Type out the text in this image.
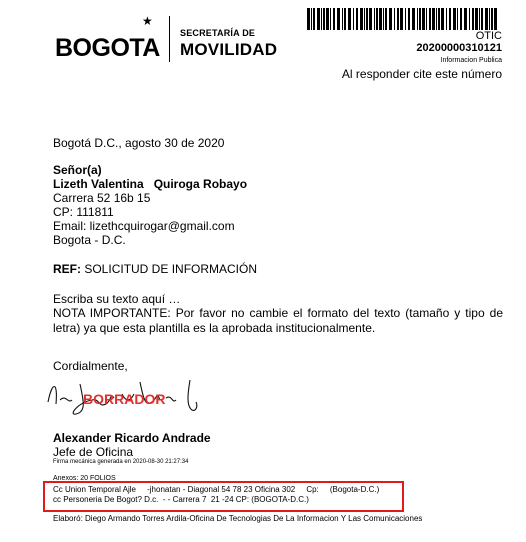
BOGOTA
★
SECRETARÍA DE
MOVILIDAD
OTIC
20200000310121
Informacion Publica
Al responder cite este número
Bogotá D.C., agosto 30 de 2020
Señor(a)
Lizeth Valentina   Quiroga Robayo
Carrera 52 16b 15
CP: 111811
Email: lizethcquirogar@gmail.com
Bogota - D.C.
REF: SOLICITUD DE INFORMACIÓN
Escriba su texto aquí …
NOTA IMPORTANTE: Por favor no cambie el formato del texto (tamaño y tipo de letra) ya que esta plantilla es la aprobada institucionalmente.
Cordialmente,
BORRADOR
Alexander Ricardo Andrade
Jefe de Oficina
Firma mecánica generada en 2020-08-30 21:27:34
Anexos: 20 FOLIOS
Cc Union Temporal Ajle     -jhonatan - Diagonal 54 78 23 Oficina 302     Cp:     (Bogota-D.C.)
cc Personeria De Bogot? D.c.  - - Carrera 7  21 -24 CP: (BOGOTA-D.C.)
Elaboró: Diego Armando Torres Ardila-Oficina De Tecnologias De La Informacion Y Las Comunicaciones
